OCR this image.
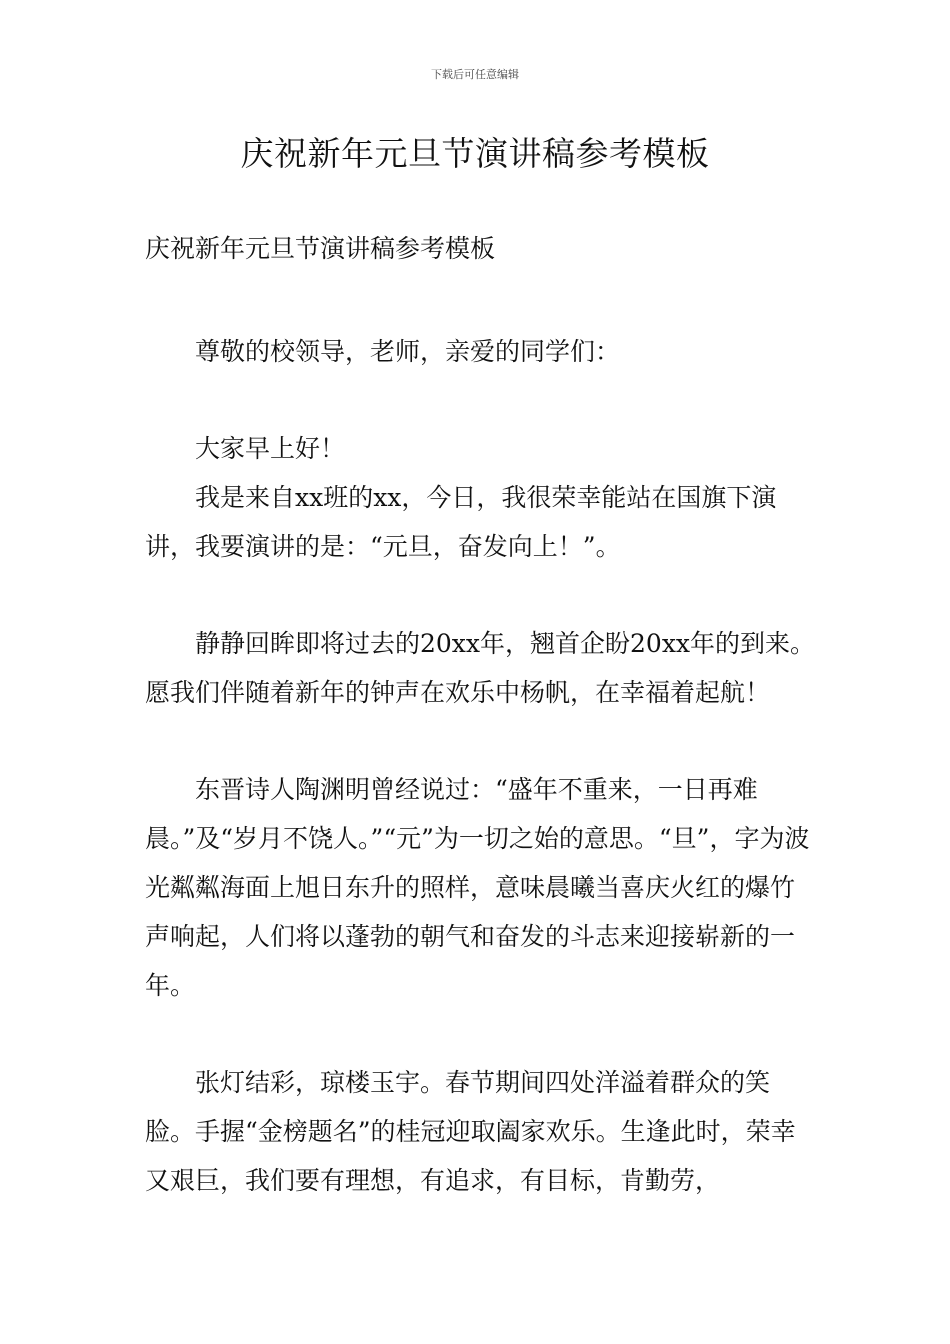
下载后可任意编辑
庆祝新年元旦节演讲稿参考模板

庆祝新年元旦节演讲稿参考模板

尊敬的校领导，老师，亲爱的同学们：

大家早上好！

我是来自xx班的xx，今日，我很荣幸能站在国旗下演讲，我要演讲的是：“元旦，奋发向上！”。

静静回眸即将过去的20xx年，翘首企盼20xx年的到来。愿我们伴随着新年的钟声在欢乐中杨帆，在幸福着起航！

东晋诗人陶渊明曾经说过：“盛年不重来，一日再难晨。”及“岁月不饶人。”“元”为一切之始的意思。“旦”，字为波光粼粼海面上旭日东升的照样，意味晨曦当喜庆火红的爆竹声响起，人们将以蓬勃的朝气和奋发的斗志来迎接崭新的一年。

张灯结彩，琼楼玉宇。春节期间四处洋溢着群众的笑脸。手握“金榜题名”的桂冠迎取阖家欢乐。生逢此时，荣幸又艰巨，我们要有理想，有追求，有目标，肯勤劳，
